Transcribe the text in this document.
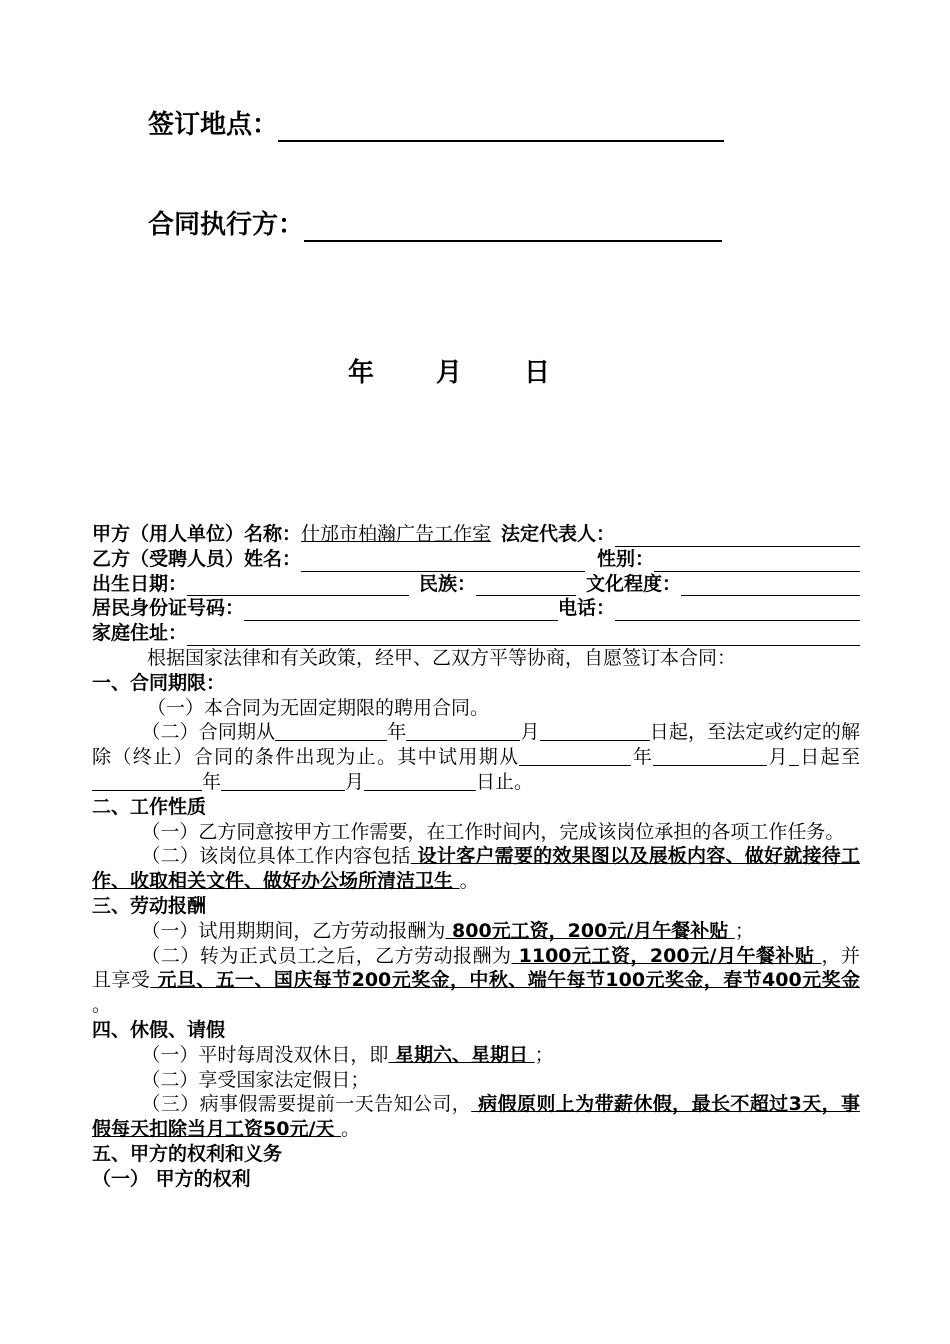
签订地点：
合同执行方：
年 月 日
甲方（用人单位）名称： 什邡市柏瀚广告工作室 法定代表人：
乙方（受聘人员）姓名：	性别：
出生日期：	民族：	文化程度：
居民身份证号码：	电话：
家庭住址：

根据国家法律和有关政策，经甲、乙双方平等协商，自愿签订本合同：

一、合同期限：

（一）本合同为无固定期限的聘用合同。

（二）合同期从	年	月	日起，至法定或约定的解除（终止）合同的条件出现为止。其中试用期从	年	月 日起至年	月	日止。

二、工作性质

（一）乙方同意按甲方工作需要，在工作时间内，完成该岗位承担的各项工作任务。

（二）该岗位具体工作内容包括 设计客户需要的效果图以及展板内容、做好就接待工作、收取相关文件、做好办公场所清洁卫生 。

三、劳动报酬

（一）试用期期间，乙方劳动报酬为 800元工资，200元/月午餐补贴 ；

（二）转为正式员工之后，乙方劳动报酬为 1100元工资，200元/月午餐补贴 ，并且享受 元旦、五一、国庆每节200元奖金，中秋、端午每节100元奖金，春节400元奖金 。

四、休假、请假

（一）平时每周没双休日，即 星期六、星期日 ；

（二）享受国家法定假日；

（三）病事假需要提前一天告知公司， 病假原则上为带薪休假，最长不超过3天，事假每天扣除当月工资50元/天 。

五、甲方的权利和义务

（一） 甲方的权利
